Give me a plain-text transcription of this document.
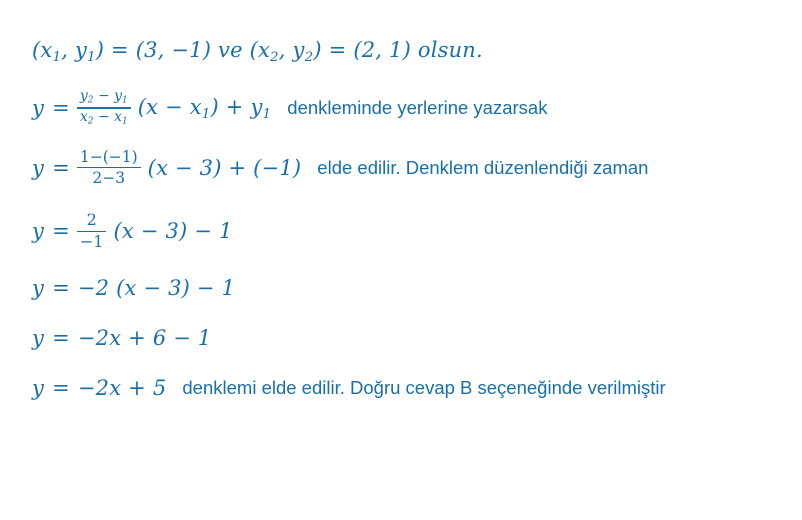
($x_1$, $y_1) = (3$, −1) ve ($x_2$, $y_2) = (2$, 1) olsun.
$y = \frac{y_2 - y_1}{x_2 - x_1} (x - x_1) + y_1$ denkleminde yerlerine yazarsak
$y = \frac{1-(-1)}{2-3} (x - 3) + (-1)$ elde edilir. Denklem düzenlendiği zaman
$y = \frac{2}{-1} (x - 3) - 1$
y = −2 (x − 3) − 1
y = −2x + 6 − 1
y = −2x + 5 denklemi elde edilir. Doğru cevap B seçeneğinde verilmiştir
